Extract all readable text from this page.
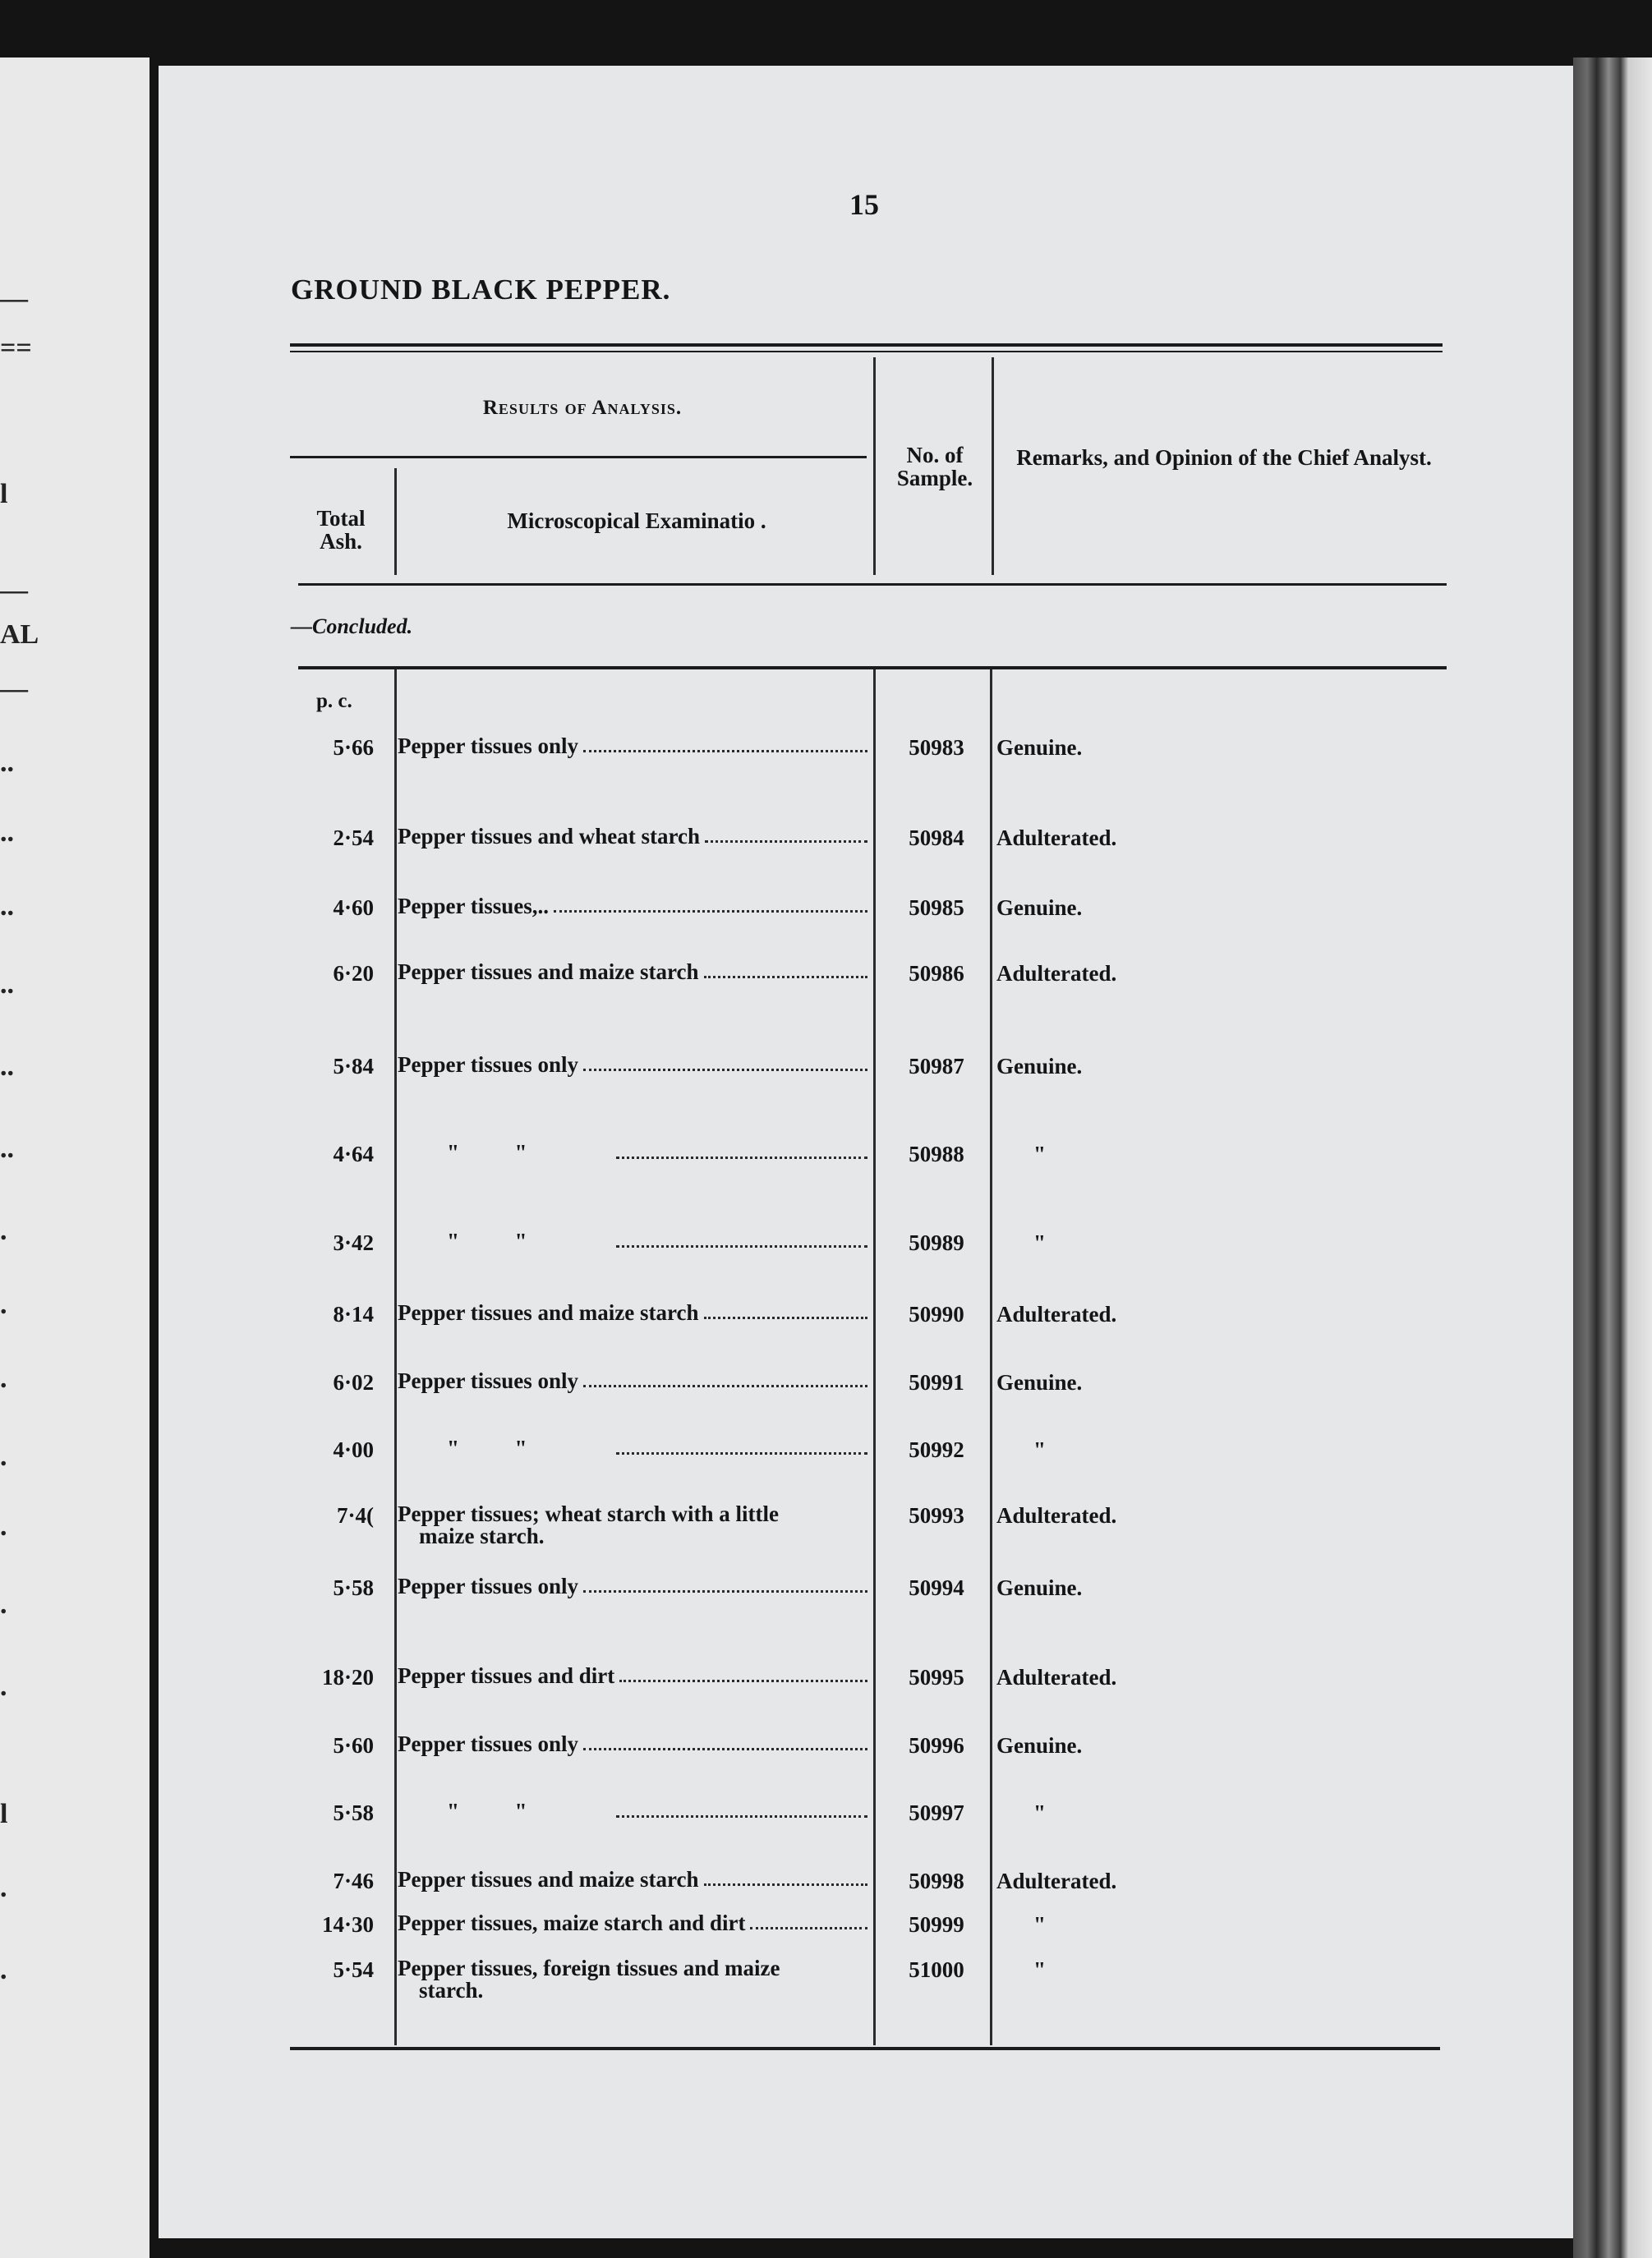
—
==
l
—
AL
—
..
..
..
..
..
..
.
.
.
.
.
.
.
l
.
.
15
GROUND BLACK PEPPER.
Results of Analysis.
Total Ash.
Microscopical Examinatio .
No. of Sample.
Remarks, and Opinion of the Chief Analyst.
—Concluded.
p. c.
5·66 Pepper tissues only	50983	Genuine.
2·54 Pepper tissues and wheat starch	50984	Adulterated.
4·60 Pepper tissues,..	50985	Genuine.
6·20 Pepper tissues and maize starch	50986	Adulterated.
5·84 Pepper tissues only	50987	Genuine.
4·64	"          "	50988	"
3·42	"          "	50989	"
8·14 Pepper tissues and maize starch	50990	Adulterated.
6·02 Pepper tissues only	50991	Genuine.
4·00	"          "	50992	"
7·4( Pepper tissues; wheat starch with a little
maize starch.
50993	Adulterated.
5·58 Pepper tissues only	50994	Genuine.
18·20 Pepper tissues and dirt	50995	Adulterated.
5·60 Pepper tissues only	50996	Genuine.
5·58	"          "	50997	"
7·46 Pepper tissues and maize starch	50998	Adulterated.
14·30 Pepper tissues, maize starch and dirt	50999	"
5·54 Pepper tissues, foreign tissues and maize
starch.
51000	"
